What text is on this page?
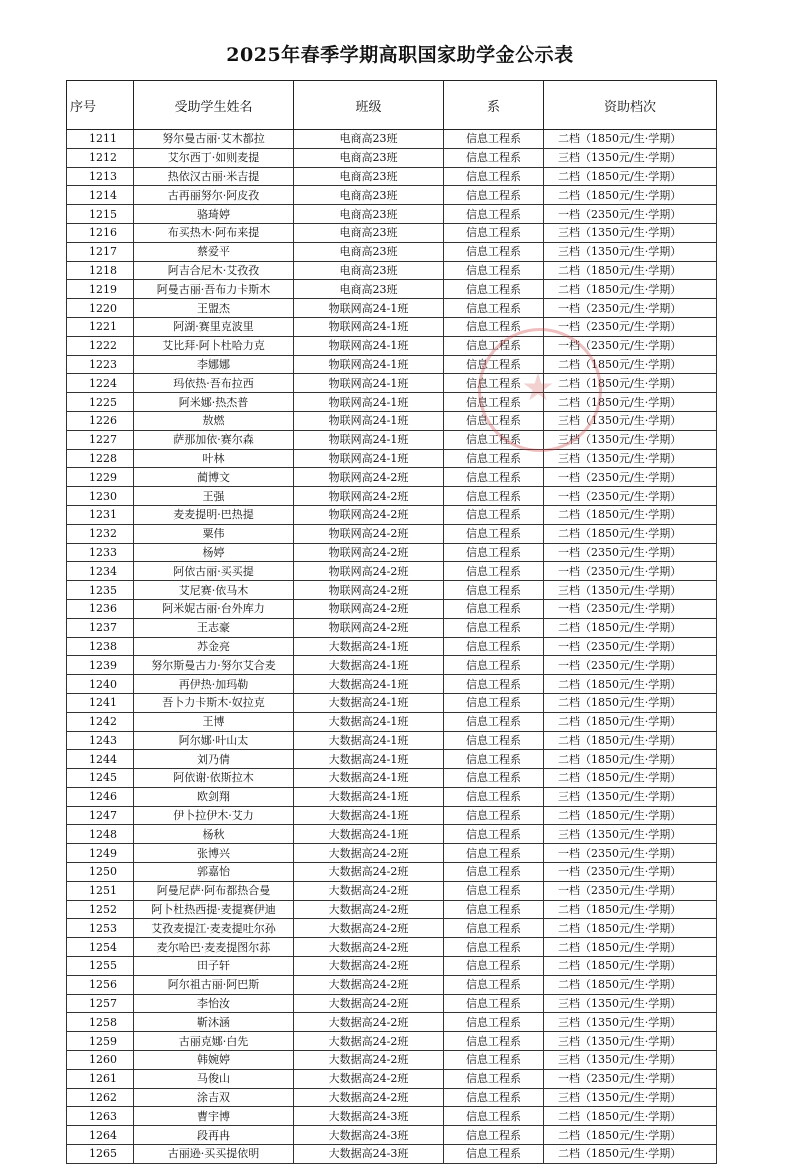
2025年春季学期高职国家助学金公示表
序号	受助学生姓名	班级	系	资助档次
1211	努尔曼古丽·艾木都拉	电商高23班	信息工程系	二档（1850元/生·学期）
1212	艾尔西丁·如则麦提	电商高23班	信息工程系	三档（1350元/生·学期）
1213	热依汉古丽·米吉提	电商高23班	信息工程系	二档（1850元/生·学期）
1214	古再丽努尔·阿皮孜	电商高23班	信息工程系	二档（1850元/生·学期）
1215	骆琦婷	电商高23班	信息工程系	一档（2350元/生·学期）
1216	布买热木·阿布来提	电商高23班	信息工程系	三档（1350元/生·学期）
1217	蔡爱平	电商高23班	信息工程系	三档（1350元/生·学期）
1218	阿吉合尼木·艾孜孜	电商高23班	信息工程系	二档（1850元/生·学期）
1219	阿曼古丽·吾布力卡斯木	电商高23班	信息工程系	二档（1850元/生·学期）
1220	王盟杰	物联网高24-1班	信息工程系	一档（2350元/生·学期）
1221	阿湖·赛里克波里	物联网高24-1班	信息工程系	一档（2350元/生·学期）
1222	艾比拜·阿卜杜哈力克	物联网高24-1班	信息工程系	一档（2350元/生·学期）
1223	李娜娜	物联网高24-1班	信息工程系	二档（1850元/生·学期）
1224	玛依热·吾布拉西	物联网高24-1班	信息工程系	二档（1850元/生·学期）
1225	阿米娜·热杰普	物联网高24-1班	信息工程系	二档（1850元/生·学期）
1226	敖燃	物联网高24-1班	信息工程系	三档（1350元/生·学期）
1227	萨那加依·赛尔森	物联网高24-1班	信息工程系	三档（1350元/生·学期）
1228	叶林	物联网高24-1班	信息工程系	三档（1350元/生·学期）
1229	蔺博文	物联网高24-2班	信息工程系	一档（2350元/生·学期）
1230	王强	物联网高24-2班	信息工程系	一档（2350元/生·学期）
1231	麦麦提明·巴热提	物联网高24-2班	信息工程系	二档（1850元/生·学期）
1232	粟伟	物联网高24-2班	信息工程系	二档（1850元/生·学期）
1233	杨婷	物联网高24-2班	信息工程系	一档（2350元/生·学期）
1234	阿依古丽·买买提	物联网高24-2班	信息工程系	一档（2350元/生·学期）
1235	艾尼赛·依马木	物联网高24-2班	信息工程系	三档（1350元/生·学期）
1236	阿米妮古丽·台外库力	物联网高24-2班	信息工程系	一档（2350元/生·学期）
1237	王志豪	物联网高24-2班	信息工程系	二档（1850元/生·学期）
1238	苏金亮	大数据高24-1班	信息工程系	一档（2350元/生·学期）
1239	努尔斯曼古力·努尔艾合麦	大数据高24-1班	信息工程系	一档（2350元/生·学期）
1240	再伊热·加玛勒	大数据高24-1班	信息工程系	二档（1850元/生·学期）
1241	吾卜力卡斯木·奴拉克	大数据高24-1班	信息工程系	二档（1850元/生·学期）
1242	王博	大数据高24-1班	信息工程系	二档（1850元/生·学期）
1243	阿尔娜·叶山太	大数据高24-1班	信息工程系	二档（1850元/生·学期）
1244	刘乃倩	大数据高24-1班	信息工程系	二档（1850元/生·学期）
1245	阿依谢·依斯拉木	大数据高24-1班	信息工程系	二档（1850元/生·学期）
1246	欧剑翔	大数据高24-1班	信息工程系	三档（1350元/生·学期）
1247	伊卜拉伊木·艾力	大数据高24-1班	信息工程系	二档（1850元/生·学期）
1248	杨秋	大数据高24-1班	信息工程系	三档（1350元/生·学期）
1249	张博兴	大数据高24-2班	信息工程系	一档（2350元/生·学期）
1250	郭嘉怡	大数据高24-2班	信息工程系	一档（2350元/生·学期）
1251	阿曼尼萨·阿布都热合曼	大数据高24-2班	信息工程系	一档（2350元/生·学期）
1252	阿卜杜热西提·麦提赛伊迪	大数据高24-2班	信息工程系	二档（1850元/生·学期）
1253	艾孜麦提江·麦麦提吐尔孙	大数据高24-2班	信息工程系	二档（1850元/生·学期）
1254	麦尔哈巴·麦麦提图尔荪	大数据高24-2班	信息工程系	二档（1850元/生·学期）
1255	田子轩	大数据高24-2班	信息工程系	二档（1850元/生·学期）
1256	阿尔祖古丽·阿巴斯	大数据高24-2班	信息工程系	二档（1850元/生·学期）
1257	李怡汝	大数据高24-2班	信息工程系	三档（1350元/生·学期）
1258	靳沐涵	大数据高24-2班	信息工程系	三档（1350元/生·学期）
1259	古丽克娜·白先	大数据高24-2班	信息工程系	三档（1350元/生·学期）
1260	韩婉婷	大数据高24-2班	信息工程系	三档（1350元/生·学期）
1261	马俊山	大数据高24-2班	信息工程系	一档（2350元/生·学期）
1262	涂吉双	大数据高24-2班	信息工程系	三档（1350元/生·学期）
1263	曹宇博	大数据高24-3班	信息工程系	二档（1850元/生·学期）
1264	段再冉	大数据高24-3班	信息工程系	二档（1850元/生·学期）
1265	古丽逊·买买提依明	大数据高24-3班	信息工程系	二档（1850元/生·学期）
